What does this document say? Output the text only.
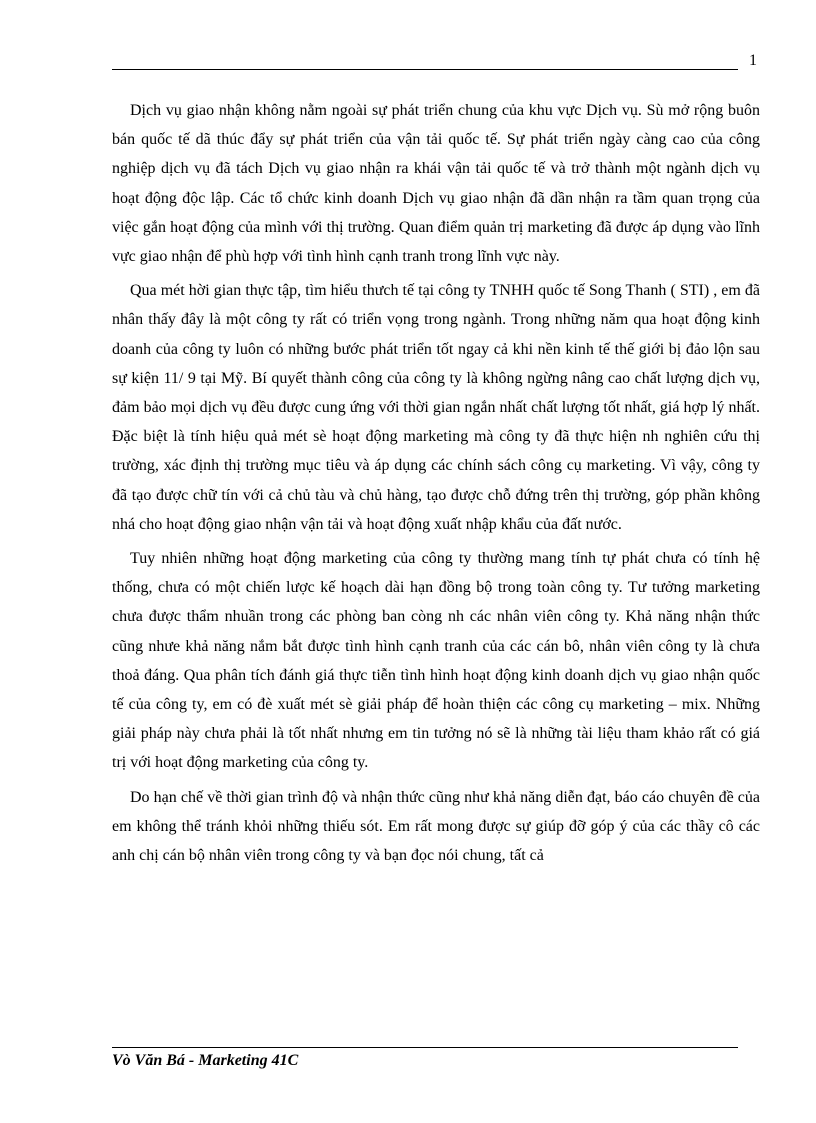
1

Dịch vụ giao nhận không nằm ngoài sự phát triển chung của khu vực Dịch vụ. Sù mở rộng buôn bán quốc tế dã thúc đẩy sự phát triển của vận tải quốc tế. Sự phát triển ngày càng cao của công nghiệp dịch vụ đã tách Dịch vụ giao nhận ra khái vận tải quốc tế và trở thành một ngành dịch vụ hoạt động độc lập. Các tổ chức kinh doanh Dịch vụ giao nhận đã dần nhận ra tầm quan trọng của việc gắn hoạt động của mình với thị trường. Quan điểm quản trị marketing đã được áp dụng vào lĩnh vực giao nhận để phù hợp với tình hình cạnh tranh trong lĩnh vực này.

Qua mét hời gian thực tập, tìm hiểu thưch tế tại công ty TNHH quốc tế Song Thanh ( STI) , em đã nhân thấy đây là một công ty rất có triển vọng trong ngành. Trong những năm qua hoạt động kinh doanh của công ty luôn có những bước phát triển tốt ngay cả khi nền kinh tế thế giới bị đảo lộn sau sự kiện 11/ 9 tại Mỹ. Bí quyết thành công của công ty là không ngừng nâng cao chất lượng dịch vụ, đảm bảo mọi dịch vụ đều được cung ứng với thời gian ngắn nhất chất lượng tốt nhất, giá hợp lý nhất. Đặc biệt là tính hiệu quả mét sè hoạt động marketing mà công ty đã thực hiện nh nghiên cứu thị trường, xác định thị trường mục tiêu và áp dụng các chính sách công cụ marketing. Vì vậy, công ty đã tạo được chữ tín với cả chủ tàu và chủ hàng, tạo được chỗ đứng trên thị trường, góp phần không nhá cho hoạt động giao nhận vận tải và hoạt động xuất nhập khẩu của đất nước.

Tuy nhiên những hoạt động marketing của công ty thường mang tính tự phát chưa có tính hệ thống, chưa có một chiến lược kế hoạch dài hạn đồng bộ trong toàn công ty. Tư tưởng marketing chưa được thẩm nhuần trong các phòng ban còng nh các nhân viên công ty. Khả năng nhận thức cũng nhưe khả năng nắm bắt được tình hình cạnh tranh của các cán bô, nhân viên công ty là chưa thoả đáng. Qua phân tích đánh giá thực tiễn tình hình hoạt động kinh doanh dịch vụ giao nhận quốc tế của công ty, em có đè xuất mét sè giải pháp để hoàn thiện các công cụ marketing – mix. Những giải pháp này chưa phải là tốt nhất nhưng em tin tưởng nó sẽ là những tài liệu tham khảo rất có giá trị với hoạt động marketing của công ty.

Do hạn chế về thời gian trình độ và nhận thức cũng như khả năng diễn đạt, báo cáo chuyên đề của em không thể tránh khỏi những thiếu sót. Em rất mong được sự giúp đỡ góp ý của các thầy cô các anh chị cán bộ nhân viên trong công ty và bạn đọc nói chung, tất cả

Vò Văn Bá - Marketing 41C
